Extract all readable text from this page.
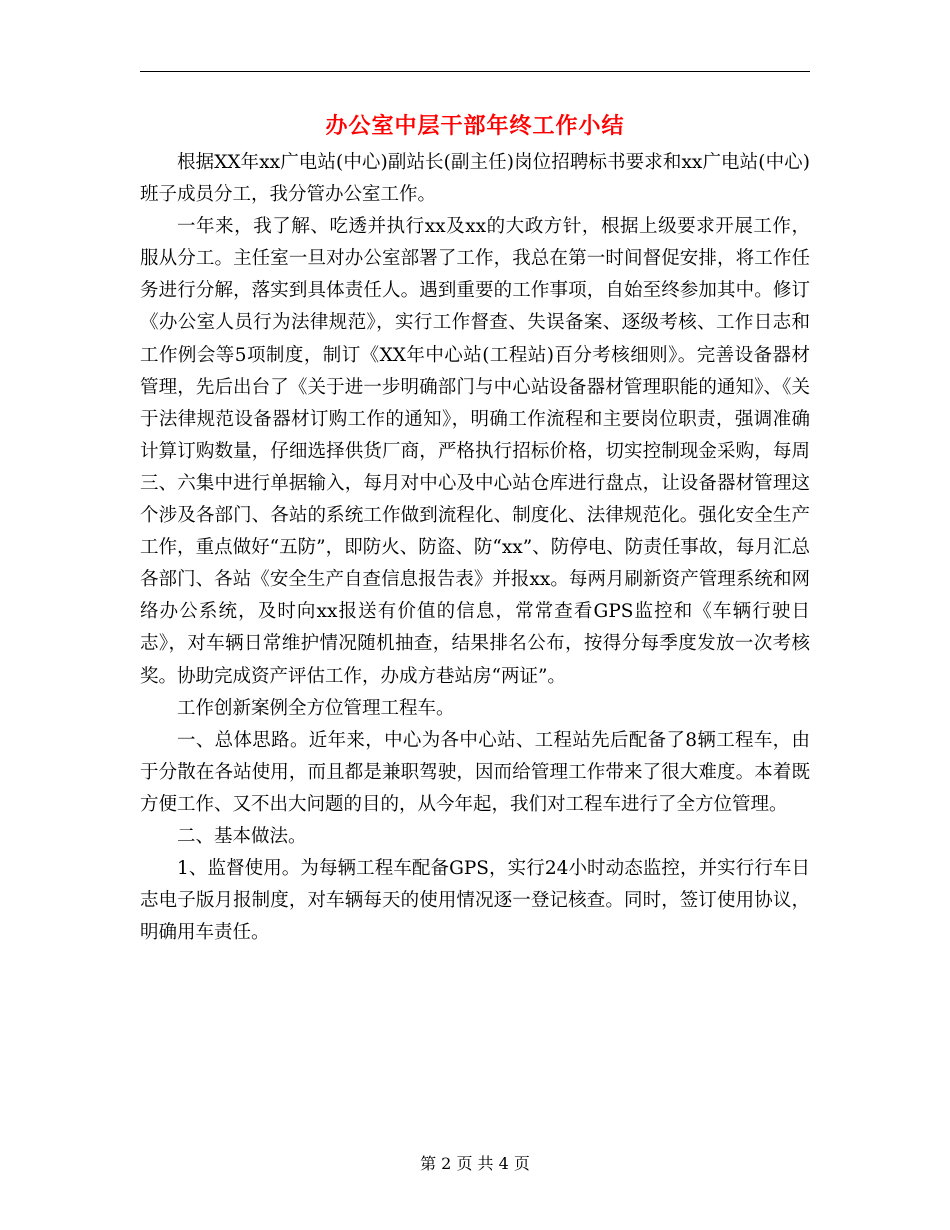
办公室中层干部年终工作小结

根据XX年xx广电站(中心)副站长(副主任)岗位招聘标书要求和xx广电站(中心)班子成员分工，我分管办公室工作。

一年来，我了解、吃透并执行xx及xx的大政方针，根据上级要求开展工作，服从分工。主任室一旦对办公室部署了工作，我总在第一时间督促安排，将工作任务进行分解，落实到具体责任人。遇到重要的工作事项，自始至终参加其中。修订《办公室人员行为法律规范》，实行工作督查、失误备案、逐级考核、工作日志和工作例会等5项制度，制订《XX年中心站(工程站)百分考核细则》。完善设备器材管理，先后出台了《关于进一步明确部门与中心站设备器材管理职能的通知》、《关于法律规范设备器材订购工作的通知》，明确工作流程和主要岗位职责，强调准确计算订购数量，仔细选择供货厂商，严格执行招标价格，切实控制现金采购，每周三、六集中进行单据输入，每月对中心及中心站仓库进行盘点，让设备器材管理这个涉及各部门、各站的系统工作做到流程化、制度化、法律规范化。强化安全生产工作，重点做好“五防”，即防火、防盗、防“xx”、防停电、防责任事故，每月汇总各部门、各站《安全生产自查信息报告表》并报xx。每两月刷新资产管理系统和网络办公系统，及时向xx报送有价值的信息，常常查看GPS监控和《车辆行驶日志》，对车辆日常维护情况随机抽查，结果排名公布，按得分每季度发放一次考核奖。协助完成资产评估工作，办成方巷站房“两证”。

工作创新案例全方位管理工程车。

一、总体思路。近年来，中心为各中心站、工程站先后配备了8辆工程车，由于分散在各站使用，而且都是兼职驾驶，因而给管理工作带来了很大难度。本着既方便工作、又不出大问题的目的，从今年起，我们对工程车进行了全方位管理。

二、基本做法。

1、监督使用。为每辆工程车配备GPS，实行24小时动态监控，并实行行车日志电子版月报制度，对车辆每天的使用情况逐一登记核查。同时，签订使用协议，明确用车责任。

第 2 页 共 4 页
